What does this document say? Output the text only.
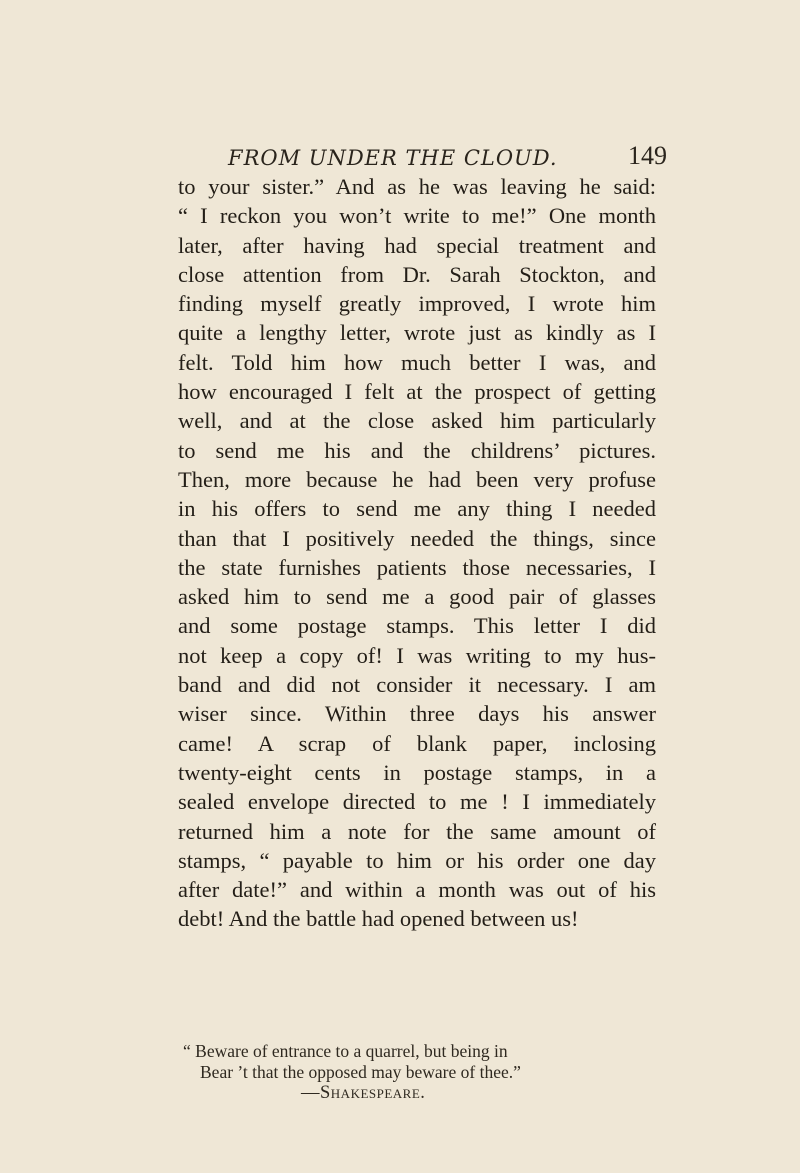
FROM UNDER THE CLOUD.	149
to your sister.” And as he was leaving he said:
“ I reckon you won’t write to me!” One month
later, after having had special treatment and
close attention from Dr. Sarah Stockton, and
finding myself greatly improved, I wrote him
quite a lengthy letter, wrote just as kindly as I
felt. Told him how much better I was, and
how encouraged I felt at the prospect of getting
well, and at the close asked him particularly
to send me his and the childrens’ pictures.
Then, more because he had been very profuse
in his offers to send me any thing I needed
than that I positively needed the things, since
the state furnishes patients those necessaries, I
asked him to send me a good pair of glasses
and some postage stamps. This letter I did
not keep a copy of! I was writing to my hus-
band and did not consider it necessary. I am
wiser since. Within three days his answer
came! A scrap of blank paper, inclosing
twenty-eight cents in postage stamps, in a
sealed envelope directed to me ! I immediately
returned him a note for the same amount of
stamps, “ payable to him or his order one day
after date!” and within a month was out of his
debt! And the battle had opened between us!
“ Beware of entrance to a quarrel, but being in
Bear ’t that the opposed may beware of thee.”
—Shakespeare.
